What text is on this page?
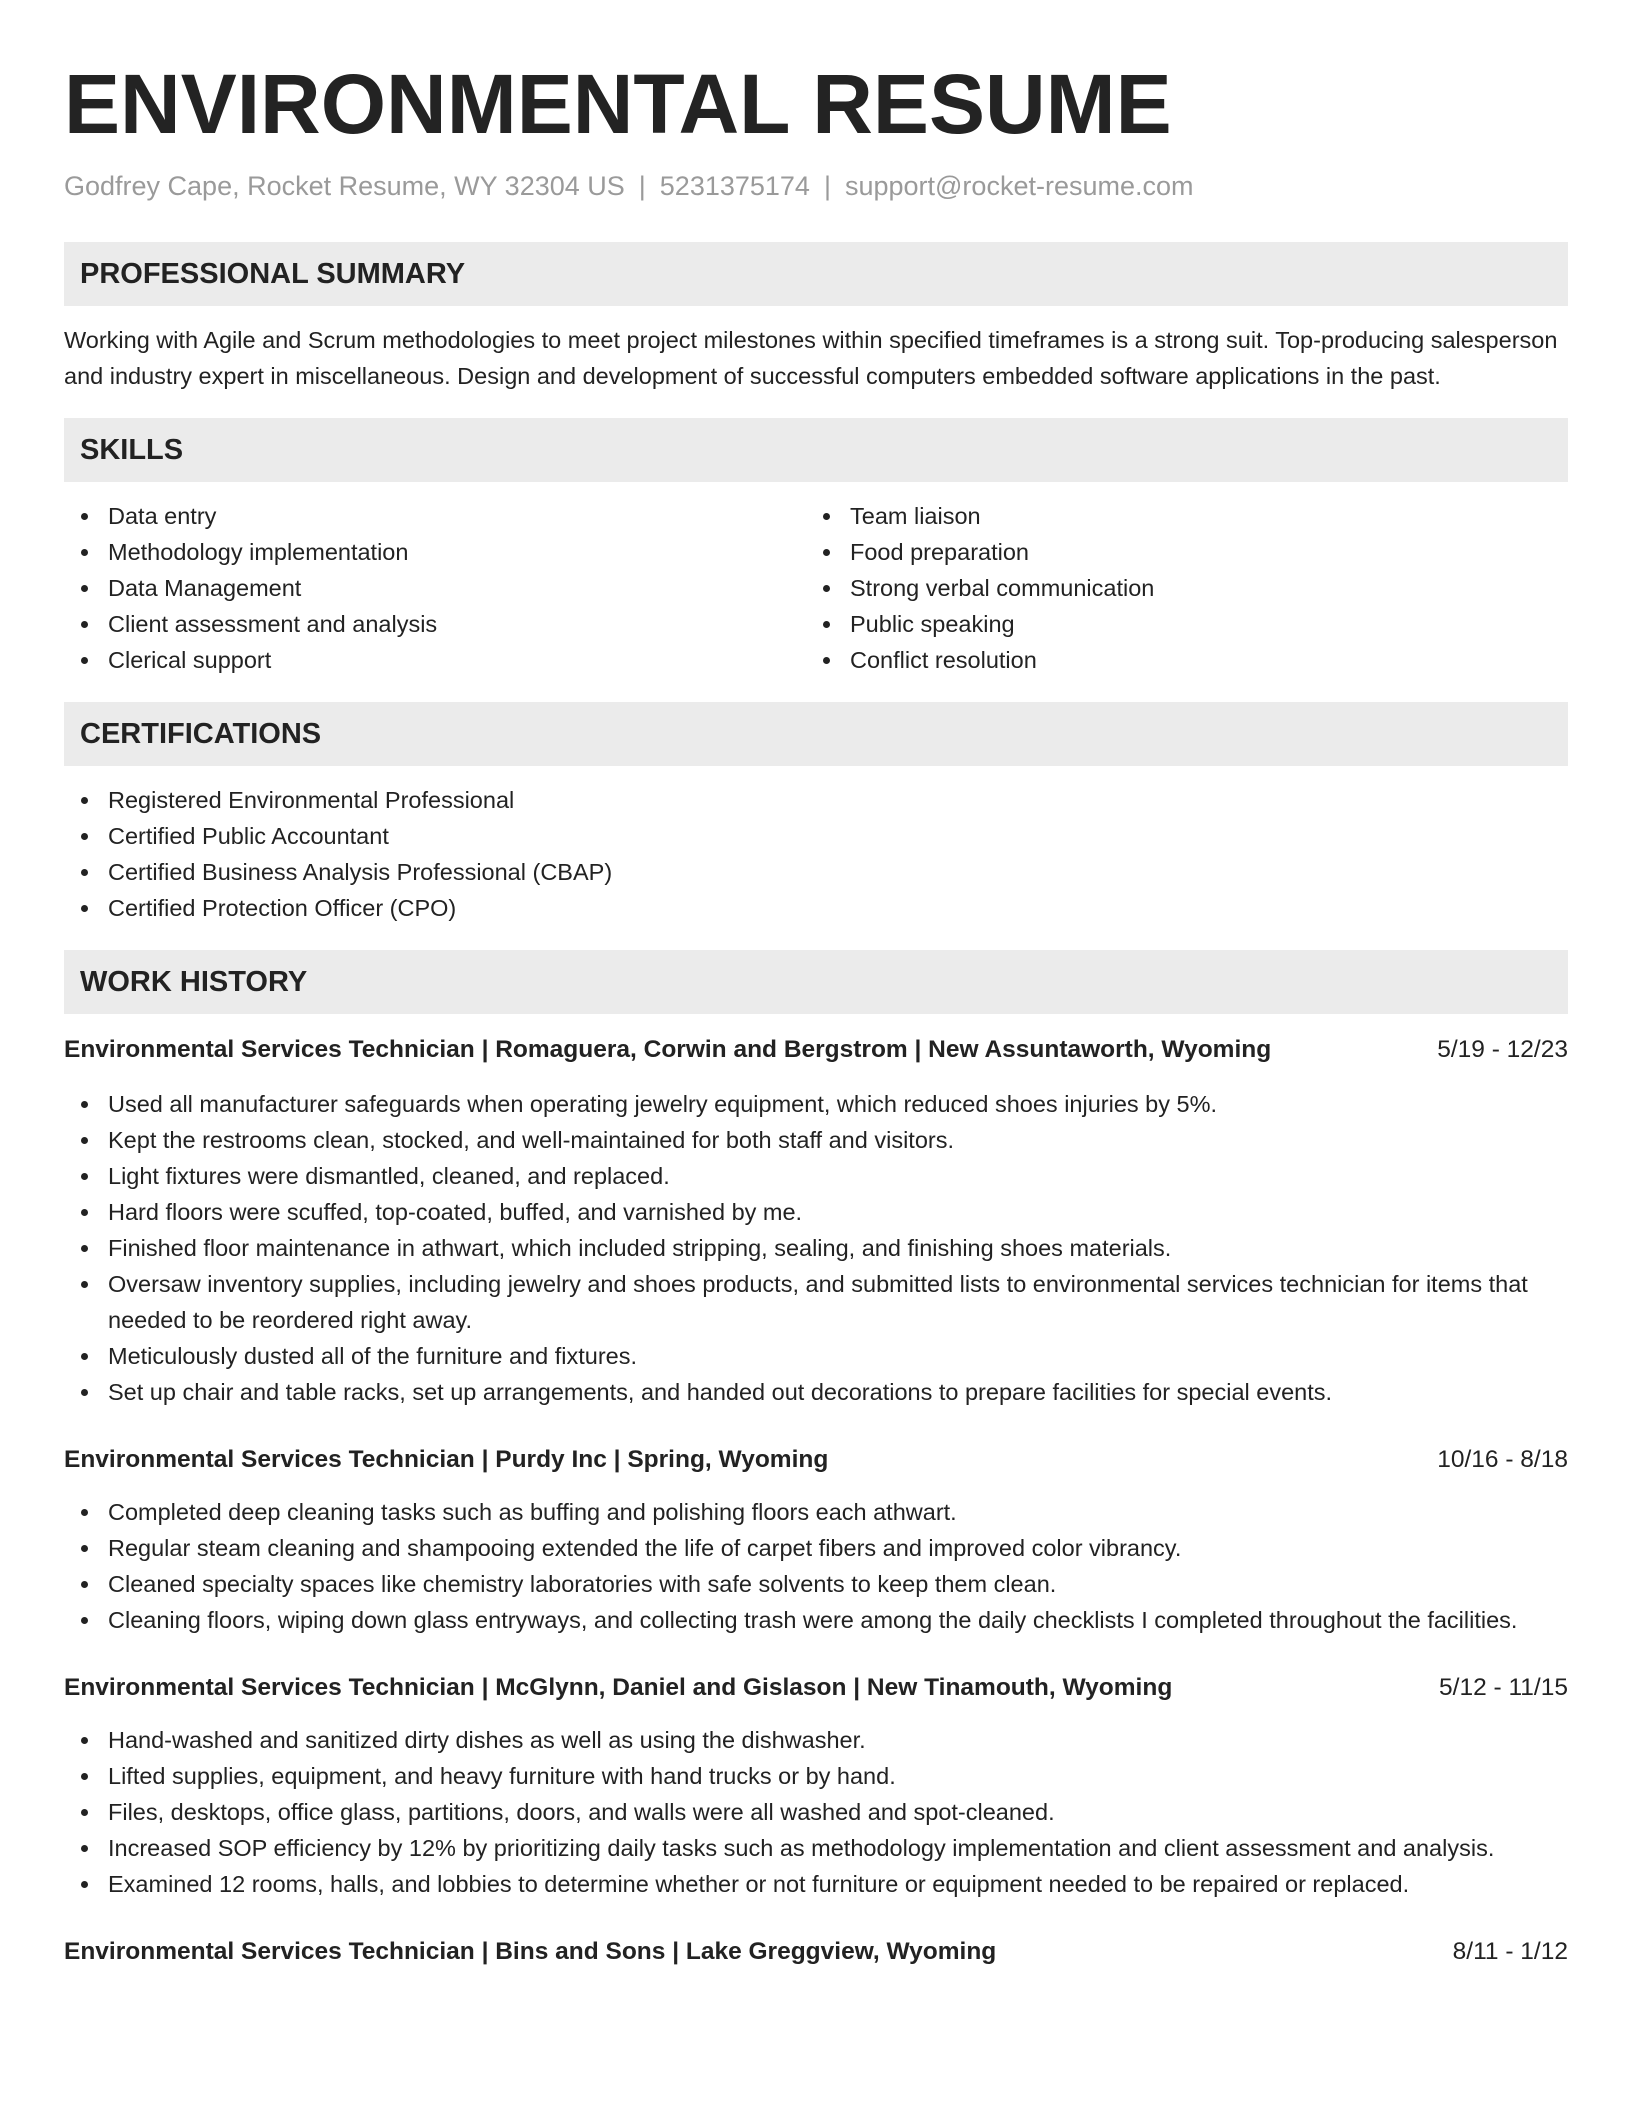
ENVIRONMENTAL RESUME
Godfrey Cape, Rocket Resume, WY 32304 US | 5231375174 | support@rocket-resume.com
PROFESSIONAL SUMMARY

Working with Agile and Scrum methodologies to meet project milestones within specified timeframes is a strong suit. Top-producing salesperson and industry expert in miscellaneous. Design and development of successful computers embedded software applications in the past.

SKILLS
Data entry
Methodology implementation
Data Management
Client assessment and analysis
Clerical support
Team liaison
Food preparation
Strong verbal communication
Public speaking
Conflict resolution
CERTIFICATIONS
Registered Environmental Professional
Certified Public Accountant
Certified Business Analysis Professional (CBAP)
Certified Protection Officer (CPO)
WORK HISTORY
Environmental Services Technician | Romaguera, Corwin and Bergstrom | New Assuntaworth, Wyoming	5/19 - 12/23
Used all manufacturer safeguards when operating jewelry equipment, which reduced shoes injuries by 5%.
Kept the restrooms clean, stocked, and well-maintained for both staff and visitors.
Light fixtures were dismantled, cleaned, and replaced.
Hard floors were scuffed, top-coated, buffed, and varnished by me.
Finished floor maintenance in athwart, which included stripping, sealing, and finishing shoes materials.
Oversaw inventory supplies, including jewelry and shoes products, and submitted lists to environmental services technician for items that needed to be reordered right away.
Meticulously dusted all of the furniture and fixtures.
Set up chair and table racks, set up arrangements, and handed out decorations to prepare facilities for special events.
Environmental Services Technician | Purdy Inc | Spring, Wyoming	10/16 - 8/18
Completed deep cleaning tasks such as buffing and polishing floors each athwart.
Regular steam cleaning and shampooing extended the life of carpet fibers and improved color vibrancy.
Cleaned specialty spaces like chemistry laboratories with safe solvents to keep them clean.
Cleaning floors, wiping down glass entryways, and collecting trash were among the daily checklists I completed throughout the facilities.
Environmental Services Technician | McGlynn, Daniel and Gislason | New Tinamouth, Wyoming	5/12 - 11/15
Hand-washed and sanitized dirty dishes as well as using the dishwasher.
Lifted supplies, equipment, and heavy furniture with hand trucks or by hand.
Files, desktops, office glass, partitions, doors, and walls were all washed and spot-cleaned.
Increased SOP efficiency by 12% by prioritizing daily tasks such as methodology implementation and client assessment and analysis.
Examined 12 rooms, halls, and lobbies to determine whether or not furniture or equipment needed to be repaired or replaced.
Environmental Services Technician | Bins and Sons | Lake Greggview, Wyoming	8/11 - 1/12
